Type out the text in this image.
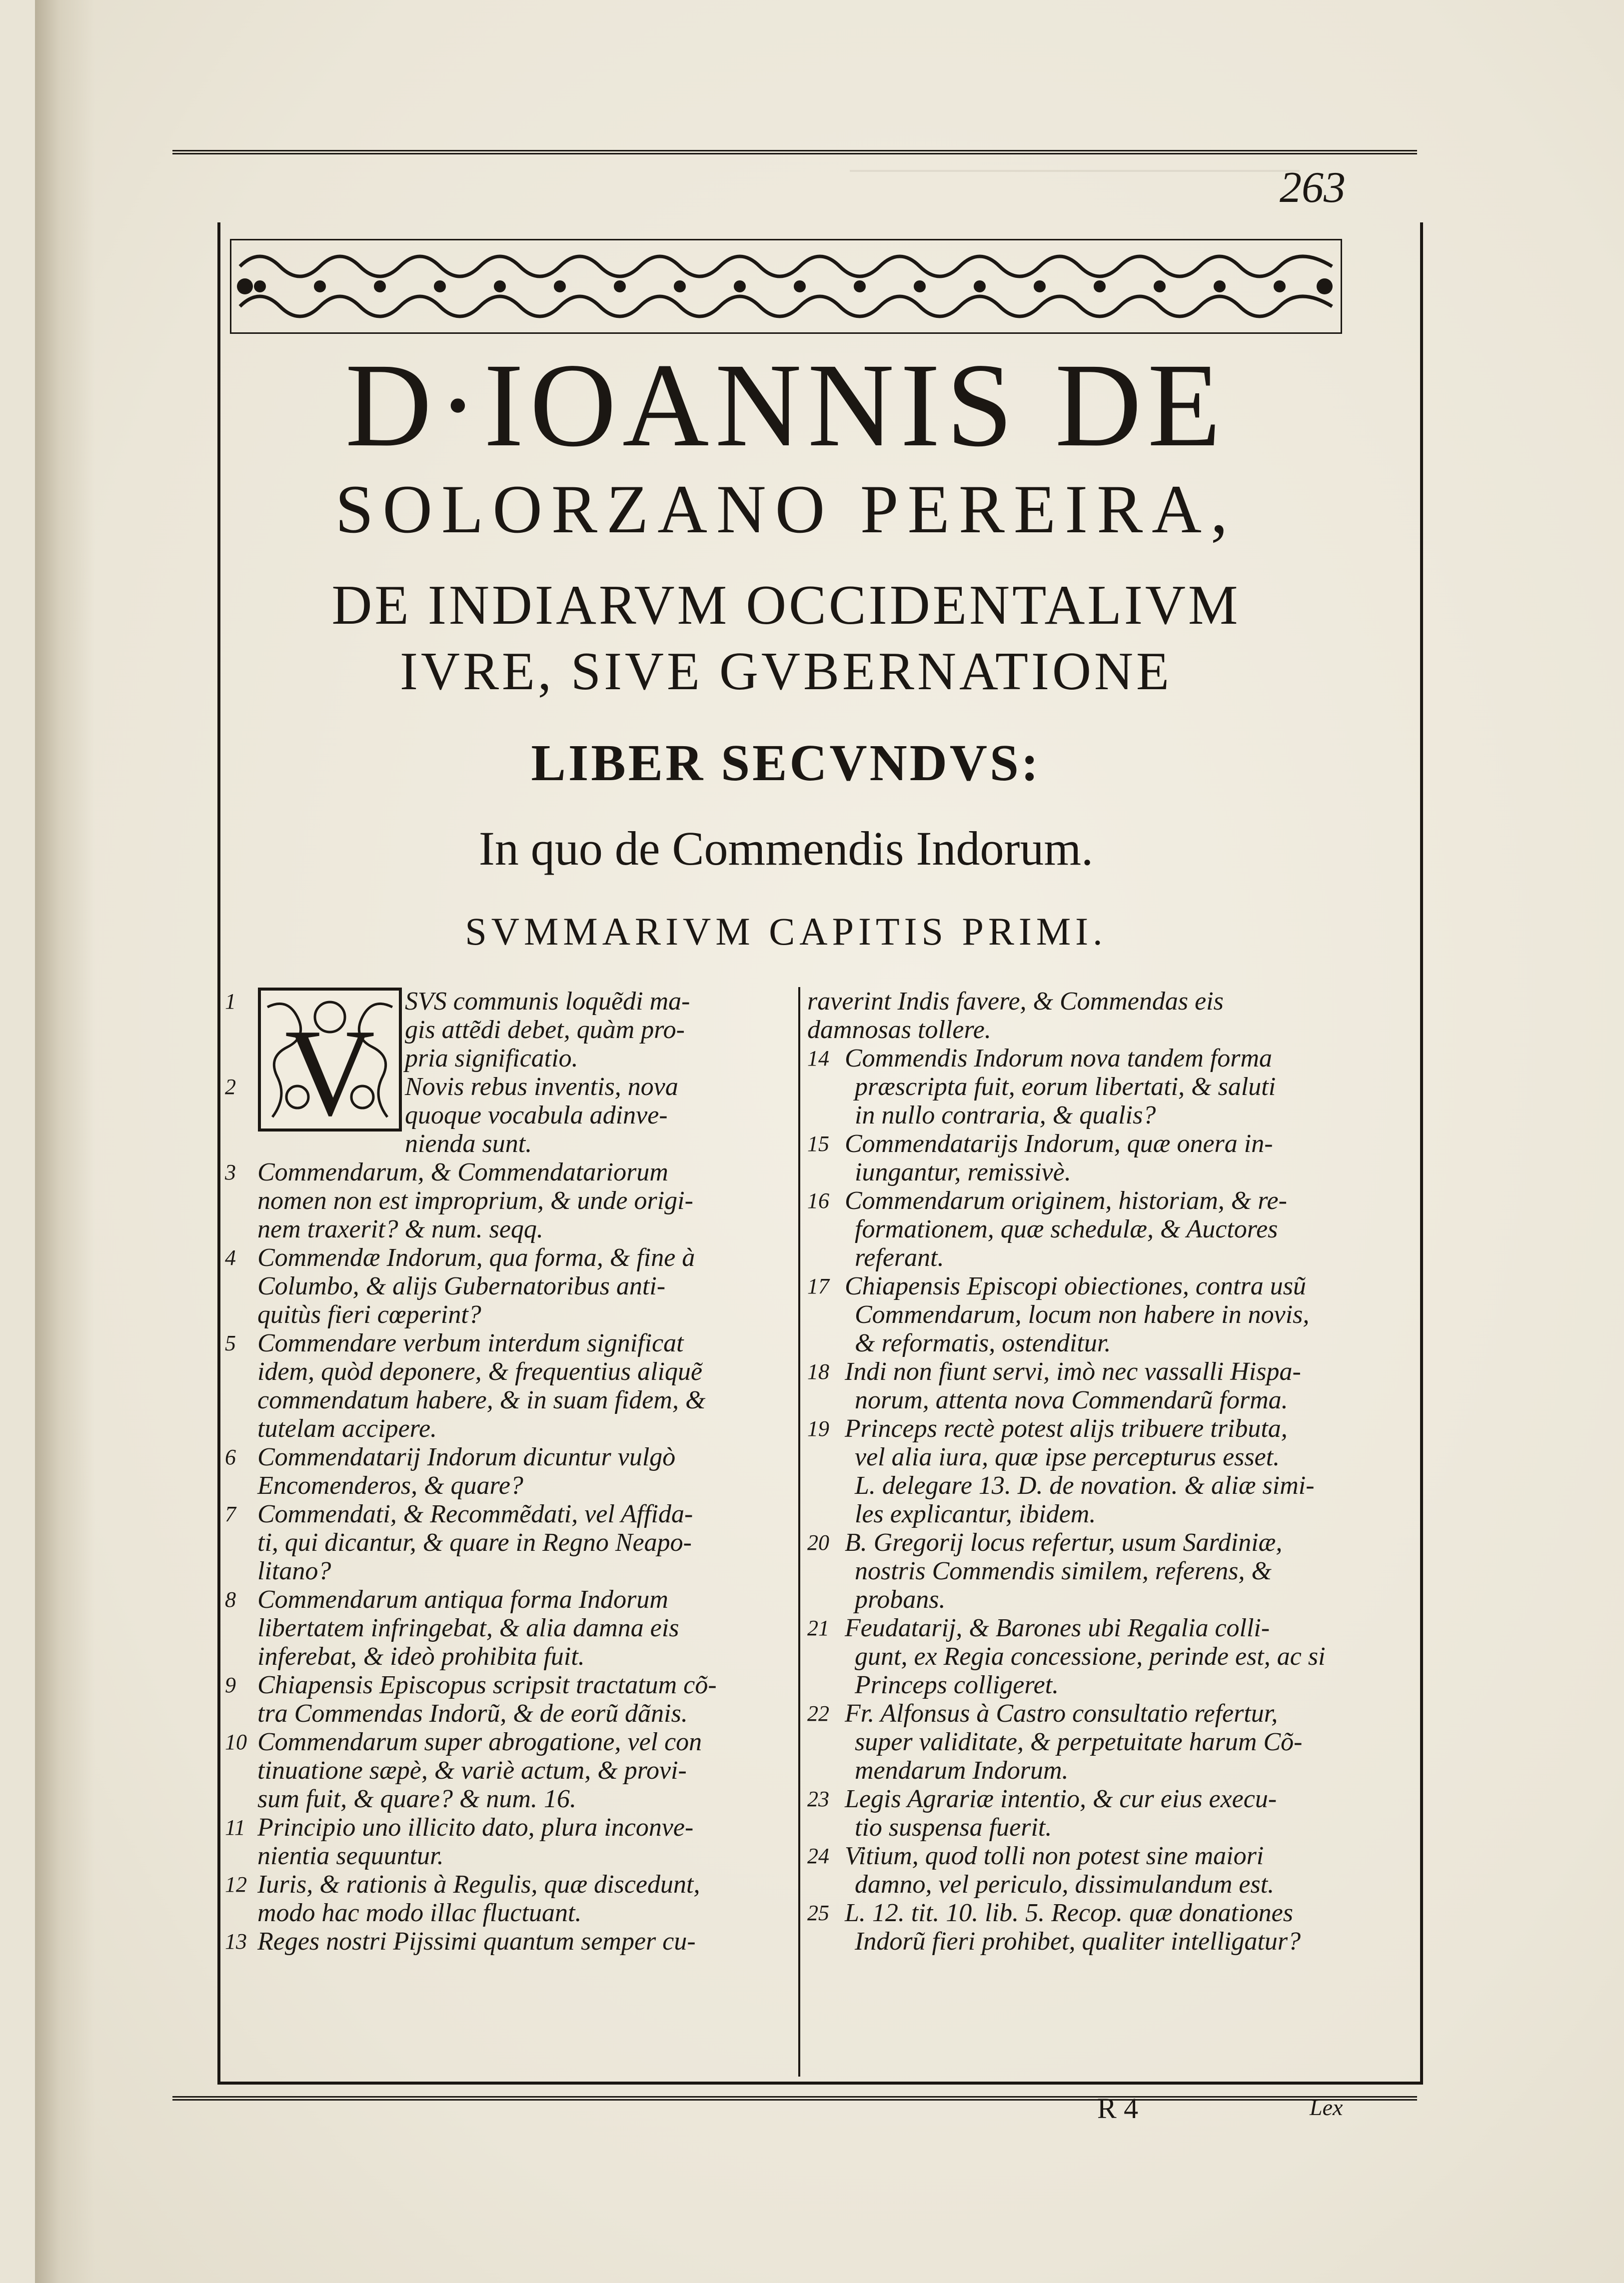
263
D·IOANNIS DE
SOLORZANO PEREIRA,
DE INDIARVM OCCIDENTALIVM
IVRE, SIVE GVBERNATIONE
LIBER SECVNDVS:
In quo de Commendis Indorum.
SVMMARIVM CAPITIS PRIMI.
V
1	SVS communis loquẽdi ma-
gis attẽdi debet, quàm pro-
pria significatio.
2	Novis rebus inventis, nova
quoque vocabula adinve-
nienda sunt.
3 Commendarum, & Commendatariorum
nomen non est improprium, & unde origi-
nem traxerit? & num. seqq.
4 Commendæ Indorum, qua forma, & fine à
Columbo, & alijs Gubernatoribus anti-
quitùs fieri cœperint?
5 Commendare verbum interdum significat
idem, quòd deponere, & frequentius aliquẽ
commendatum habere, & in suam fidem, &
tutelam accipere.
6 Commendatarij Indorum dicuntur vulgò
Encomenderos, & quare?
7 Commendati, & Recommẽdati, vel Affida-
ti, qui dicantur, & quare in Regno Neapo-
litano?
8 Commendarum antiqua forma Indorum
libertatem infringebat, & alia damna eis
inferebat, & ideò prohibita fuit.
9 Chiapensis Episcopus scripsit tractatum cõ-
tra Commendas Indorũ, & de eorũ dãnis.
10 Commendarum super abrogatione, vel con
tinuatione sæpè, & variè actum, & provi-
sum fuit, & quare? & num. 16.
11 Principio uno illicito dato, plura inconve-
nientia sequuntur.
12 Iuris, & rationis à Regulis, quæ discedunt,
modo hac modo illac fluctuant.
13 Reges nostri Pijssimi quantum semper cu-
raverint Indis favere, & Commendas eis
damnosas tollere.
14 Commendis Indorum nova tandem forma
præscripta fuit, eorum libertati, & saluti
in nullo contraria, & qualis?
15 Commendatarijs Indorum, quæ onera in-
iungantur, remissivè.
16 Commendarum originem, historiam, & re-
formationem, quæ schedulæ, & Auctores
referant.
17 Chiapensis Episcopi obiectiones, contra usũ
Commendarum, locum non habere in novis,
& reformatis, ostenditur.
18 Indi non fiunt servi, imò nec vassalli Hispa-
norum, attenta nova Commendarũ forma.
19 Princeps rectè potest alijs tribuere tributa,
vel alia iura, quæ ipse percepturus esset.
L. delegare 13. D. de novation. & aliæ simi-
les explicantur, ibidem.
20 B. Gregorij locus refertur, usum Sardiniæ,
nostris Commendis similem, referens, &
probans.
21 Feudatarij, & Barones ubi Regalia colli-
gunt, ex Regia concessione, perinde est, ac si
Princeps colligeret.
22 Fr. Alfonsus à Castro consultatio refertur,
super validitate, & perpetuitate harum Cõ-
mendarum Indorum.
23 Legis Agrariæ intentio, & cur eius execu-
tio suspensa fuerit.
24 Vitium, quod tolli non potest sine maiori
damno, vel periculo, dissimulandum est.
25 L. 12. tit. 10. lib. 5. Recop. quæ donationes
Indorũ fieri prohibet, qualiter intelligatur?
R 4	Lex
